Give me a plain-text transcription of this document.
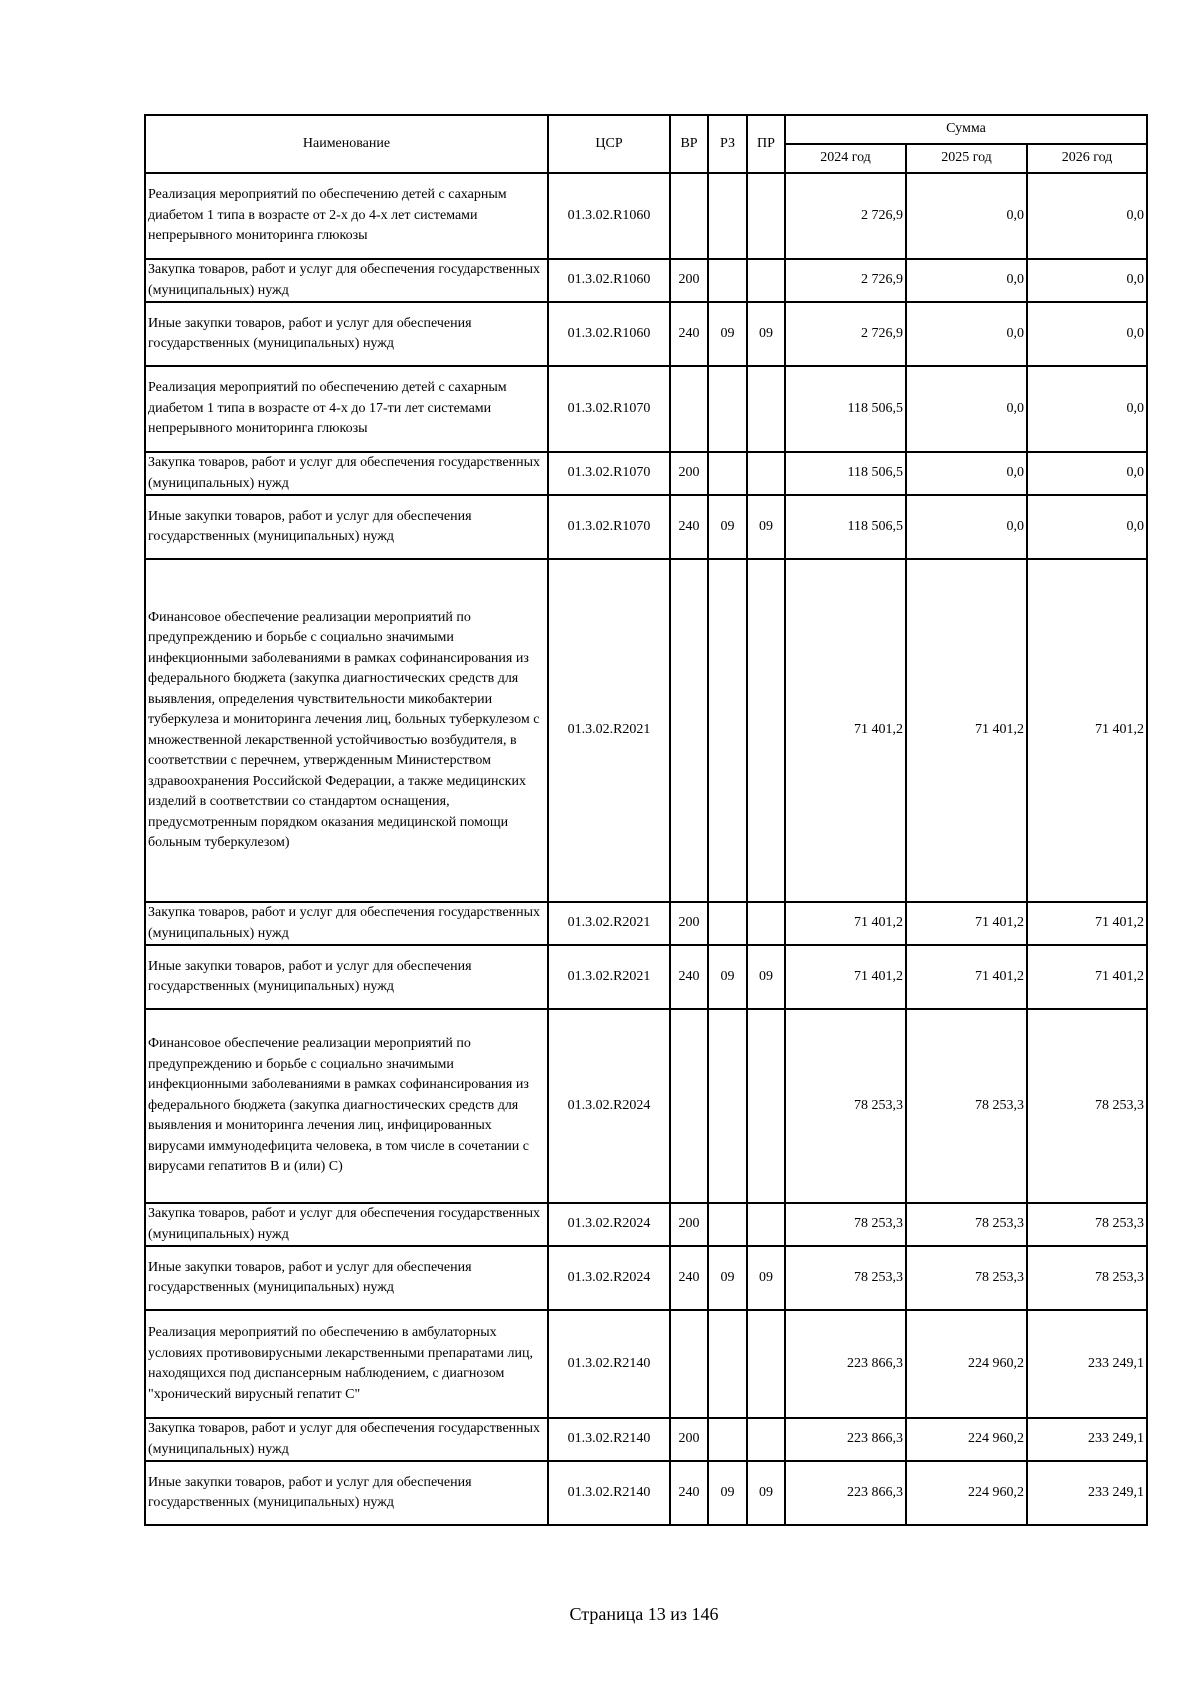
Наименование	ЦСР	ВР	РЗ	ПР	Сумма		
					2024 год	2025 год	2026 год
Реализация мероприятий по обеспечению детей с сахарным диабетом 1 типа в возрасте от 2-х до 4-х лет системами непрерывного мониторинга глюкозы	01.3.02.R1060				2 726,9	0,0	0,0
Закупка товаров, работ и услуг для обеспечения государственных (муниципальных) нужд	01.3.02.R1060	200			2 726,9	0,0	0,0
Иные закупки товаров, работ и услуг для обеспечения государственных (муниципальных) нужд	01.3.02.R1060	240	09	09	2 726,9	0,0	0,0
Реализация мероприятий по обеспечению детей с сахарным диабетом 1 типа в возрасте от 4-х до 17-ти лет системами непрерывного мониторинга глюкозы	01.3.02.R1070				118 506,5	0,0	0,0
Закупка товаров, работ и услуг для обеспечения государственных (муниципальных) нужд	01.3.02.R1070	200			118 506,5	0,0	0,0
Иные закупки товаров, работ и услуг для обеспечения государственных (муниципальных) нужд	01.3.02.R1070	240	09	09	118 506,5	0,0	0,0
Финансовое обеспечение реализации мероприятий по предупреждению и борьбе с социально значимыми инфекционными заболеваниями в рамках софинансирования из федерального бюджета (закупка диагностических средств для выявления, определения чувствительности микобактерии туберкулеза и мониторинга лечения лиц, больных туберкулезом с множественной лекарственной устойчивостью возбудителя, в соответствии с перечнем, утвержденным Министерством здравоохранения Российской Федерации, а также медицинских изделий в соответствии со стандартом оснащения, предусмотренным порядком оказания медицинской помощи больным туберкулезом)	01.3.02.R2021				71 401,2	71 401,2	71 401,2
Закупка товаров, работ и услуг для обеспечения государственных (муниципальных) нужд	01.3.02.R2021	200			71 401,2	71 401,2	71 401,2
Иные закупки товаров, работ и услуг для обеспечения государственных (муниципальных) нужд	01.3.02.R2021	240	09	09	71 401,2	71 401,2	71 401,2
Финансовое обеспечение реализации мероприятий по предупреждению и борьбе с социально значимыми инфекционными заболеваниями в рамках софинансирования из федерального бюджета (закупка диагностических средств для выявления и мониторинга лечения лиц, инфицированных вирусами иммунодефицита человека, в том числе в сочетании с вирусами гепатитов B и (или) C)	01.3.02.R2024				78 253,3	78 253,3	78 253,3
Закупка товаров, работ и услуг для обеспечения государственных (муниципальных) нужд	01.3.02.R2024	200			78 253,3	78 253,3	78 253,3
Иные закупки товаров, работ и услуг для обеспечения государственных (муниципальных) нужд	01.3.02.R2024	240	09	09	78 253,3	78 253,3	78 253,3
Реализация мероприятий по обеспечению в амбулаторных условиях противовирусными лекарственными препаратами лиц, находящихся под диспансерным наблюдением, с диагнозом "хронический вирусный гепатит C"	01.3.02.R2140				223 866,3	224 960,2	233 249,1
Закупка товаров, работ и услуг для обеспечения государственных (муниципальных) нужд	01.3.02.R2140	200			223 866,3	224 960,2	233 249,1
Иные закупки товаров, работ и услуг для обеспечения государственных (муниципальных) нужд	01.3.02.R2140	240	09	09	223 866,3	224 960,2	233 249,1
Страница 13 из 146
